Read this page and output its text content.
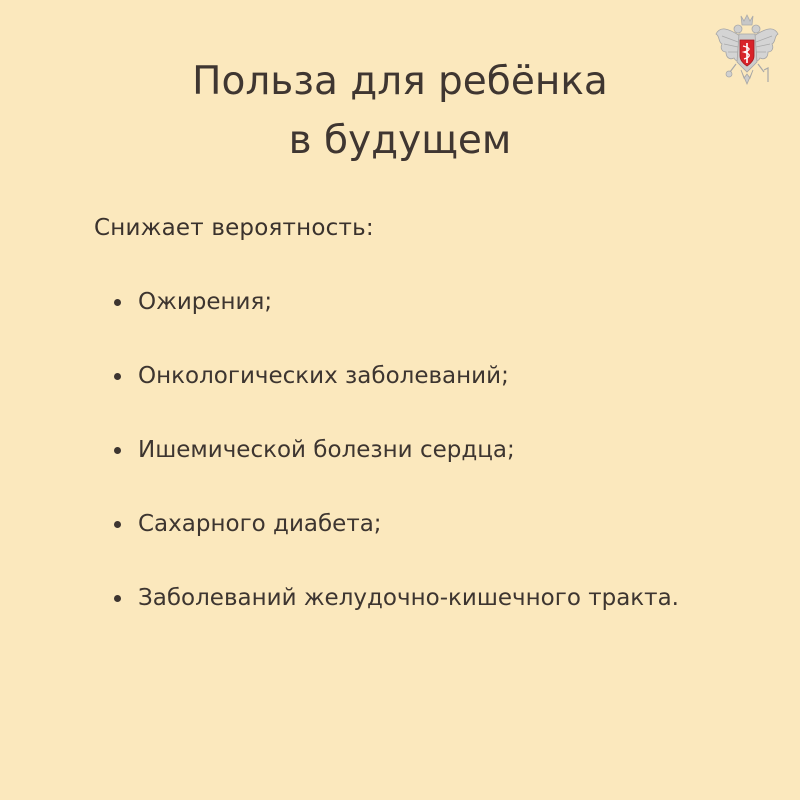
Польза для ребёнка
в будущем

Снижает вероятность:

Ожирения;
Онкологических заболеваний;
Ишемической болезни сердца;
Сахарного диабета;
Заболеваний желудочно-кишечного тракта.
